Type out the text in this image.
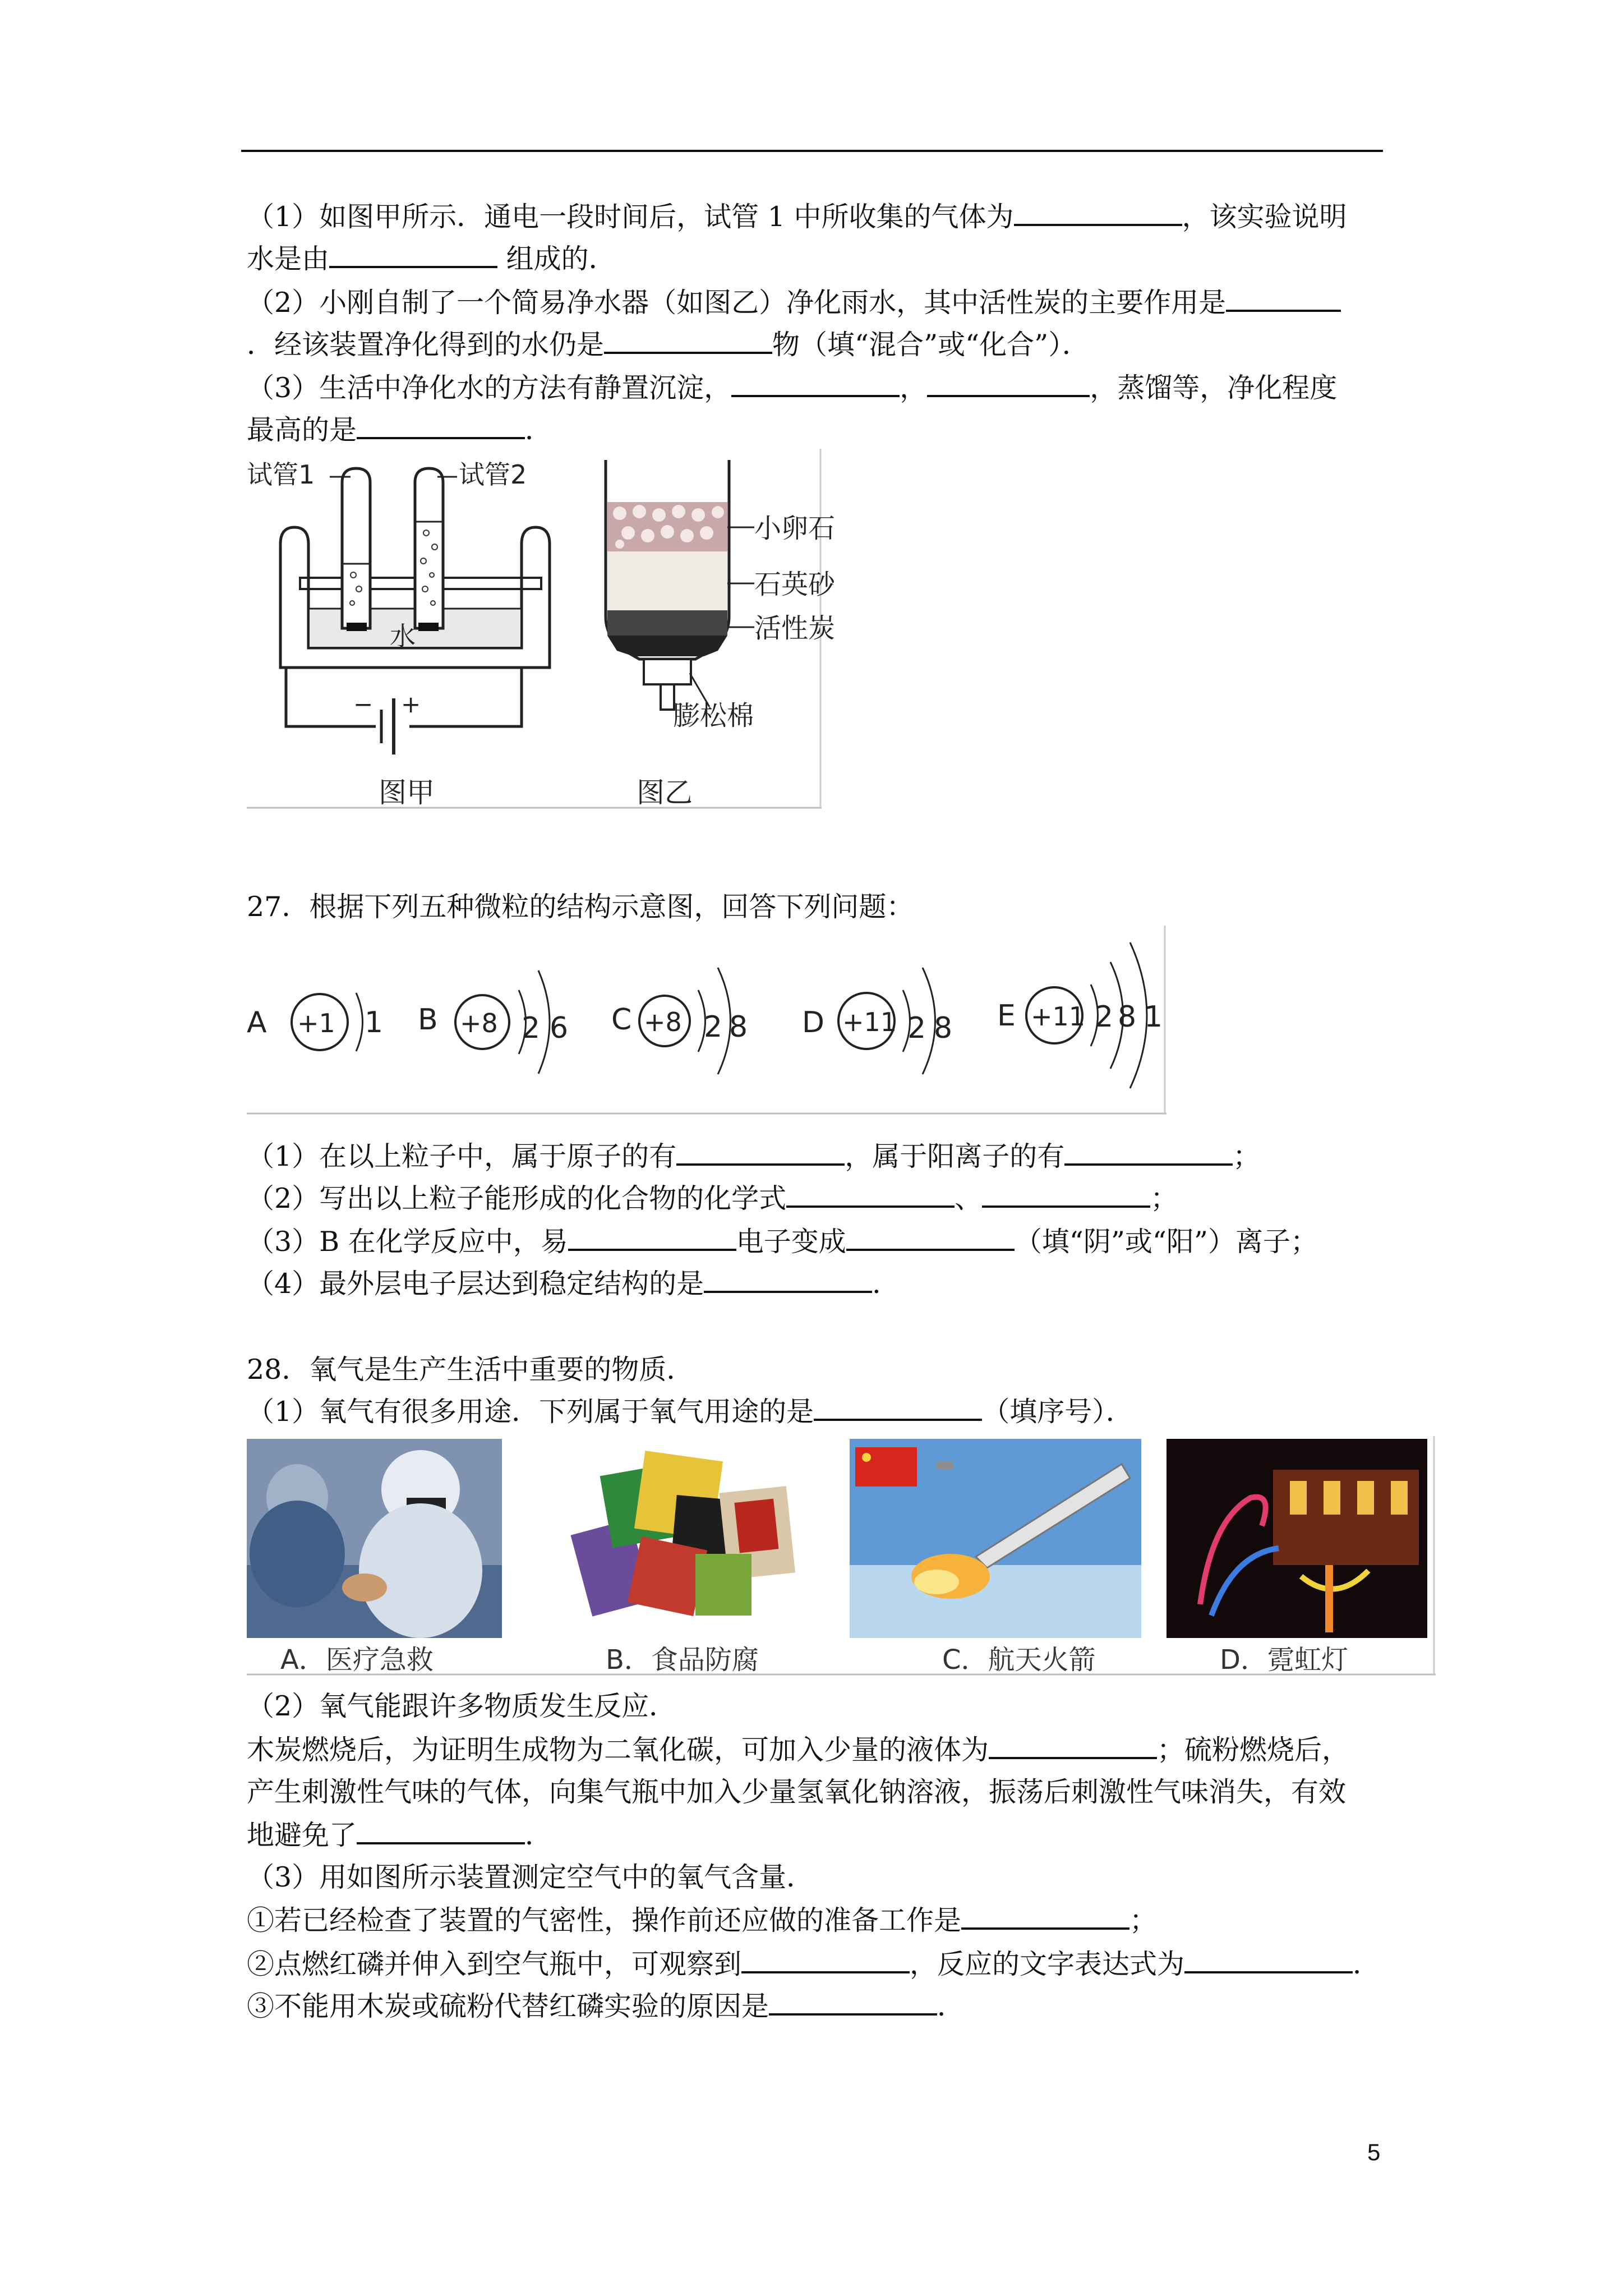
（1）如图甲所示．通电一段时间后，试管 1 中所收集的气体为	，该实验说明
水是由	组成的．
（2）小刚自制了一个简易净水器（如图乙）净化雨水，其中活性炭的主要作用是
．经该装置净化得到的水仍是	物（填“混合”或“化合”）．
（3）生活中净化水的方法有静置沉淀，	，	，蒸馏等，净化程度
最高的是	．
水
− +
试管1	试管2
图甲
小卵石
石英砂
活性炭
膨松棉
图乙
27．根据下列五种微粒的结构示意图，回答下列问题：
A +1 1 B +8 2 6 C +8 2 8 D +11 2 8 E +11 2 8 1
（1）在以上粒子中，属于原子的有	，属于阳离子的有	；
（2）写出以上粒子能形成的化合物的化学式	、	；
（3）B 在化学反应中，易	电子变成	（填“阴”或“阳”）离子；
（4）最外层电子层达到稳定结构的是	．
28．氧气是生产生活中重要的物质．
（1）氧气有很多用途．下列属于氧气用途的是	（填序号）．
A．医疗急救	B．食品防腐	C．航天火箭	D．霓虹灯
（2）氧气能跟许多物质发生反应．
木炭燃烧后，为证明生成物为二氧化碳，可加入少量的液体为	；硫粉燃烧后，
产生刺激性气味的气体，向集气瓶中加入少量氢氧化钠溶液，振荡后刺激性气味消失，有效
地避免了	．
（3）用如图所示装置测定空气中的氧气含量．
①若已经检查了装置的气密性，操作前还应做的准备工作是	；
②点燃红磷并伸入到空气瓶中，可观察到	，反应的文字表达式为	．
③不能用木炭或硫粉代替红磷实验的原因是	．
5
